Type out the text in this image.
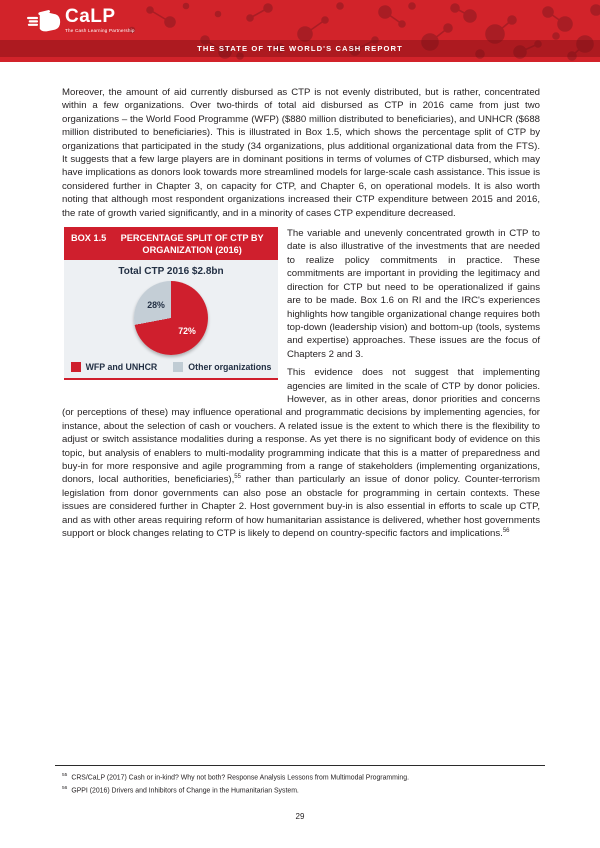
CaLP
The Cash Learning Partnership
THE STATE OF THE WORLD'S CASH REPORT

Moreover, the amount of aid currently disbursed as CTP is not evenly distributed, but is rather, concentrated within a few organizations. Over two-thirds of total aid disbursed as CTP in 2016 came from just two organizations – the World Food Programme (WFP) ($880 million distributed to beneficiaries), and UNHCR ($688 million distributed to beneficiaries). This is illustrated in Box 1.5, which shows the percentage split of CTP by organizations that participated in the study (34 organizations, plus additional organizational data from the FTS). It suggests that a few large players are in dominant positions in terms of volumes of CTP disbursed, which may have implications as donors look towards more streamlined models for large-scale cash assistance. This issue is considered further in Chapter 3, on capacity for CTP, and Chapter 6, on operational models. It is also worth noting that although most respondent organizations increased their CTP expenditure between 2015 and 2016, the rate of growth varied significantly, and in a minority of cases CTP expenditure decreased.

BOX 1.5	PERCENTAGE SPLIT OF CTP BY
ORGANIZATION (2016)
Total CTP 2016 $2.8bn
72%
28%
WFP and UNHCR	Other organizations

The variable and unevenly concentrated growth in CTP to date is also illustrative of the investments that are needed to realize policy commitments in practice. These commitments are important in providing the legitimacy and direction for CTP but need to be operationalized if gains are to be made. Box 1.6 on RI and the IRC's experiences highlights how tangible organizational change requires both top-down (leadership vision) and bottom-up (tools, systems and expertise) approaches. These issues are the focus of Chapters 2 and 3.

This evidence does not suggest that implementing agencies are limited in the scale of CTP by donor policies. However, as in other areas, donor priorities and concerns (or perceptions of these) may influence operational and programmatic decisions by implementing agencies, for instance, about the selection of cash or vouchers. A related issue is the extent to which there is the flexibility to adjust or switch assistance modalities during a response. As yet there is no significant body of evidence on this topic, but analysis of enablers to multi-modality programming indicate that this is a matter of preparedness and buy-in for more responsive and agile programming from a range of stakeholders (implementing organizations, donors, local authorities, beneficiaries),$^{55}$ rather than particularly an issue of donor policy. Counter-terrorism legislation from donor governments can also pose an obstacle for programming in certain contexts. These issues are considered further in Chapter 2. Host government buy-in is also essential in efforts to scale up CTP, and as with other areas requiring reform of how humanitarian assistance is delivered, whether host governments support or block changes relating to CTP is likely to depend on country-specific factors and implications.$^{56}$

$^{55}$ CRS/CaLP (2017) Cash or in-kind? Why not both? Response Analysis Lessons from Multimodal Programming.
$^{56}$ GPPI (2016) Drivers and Inhibitors of Change in the Humanitarian System.
29
